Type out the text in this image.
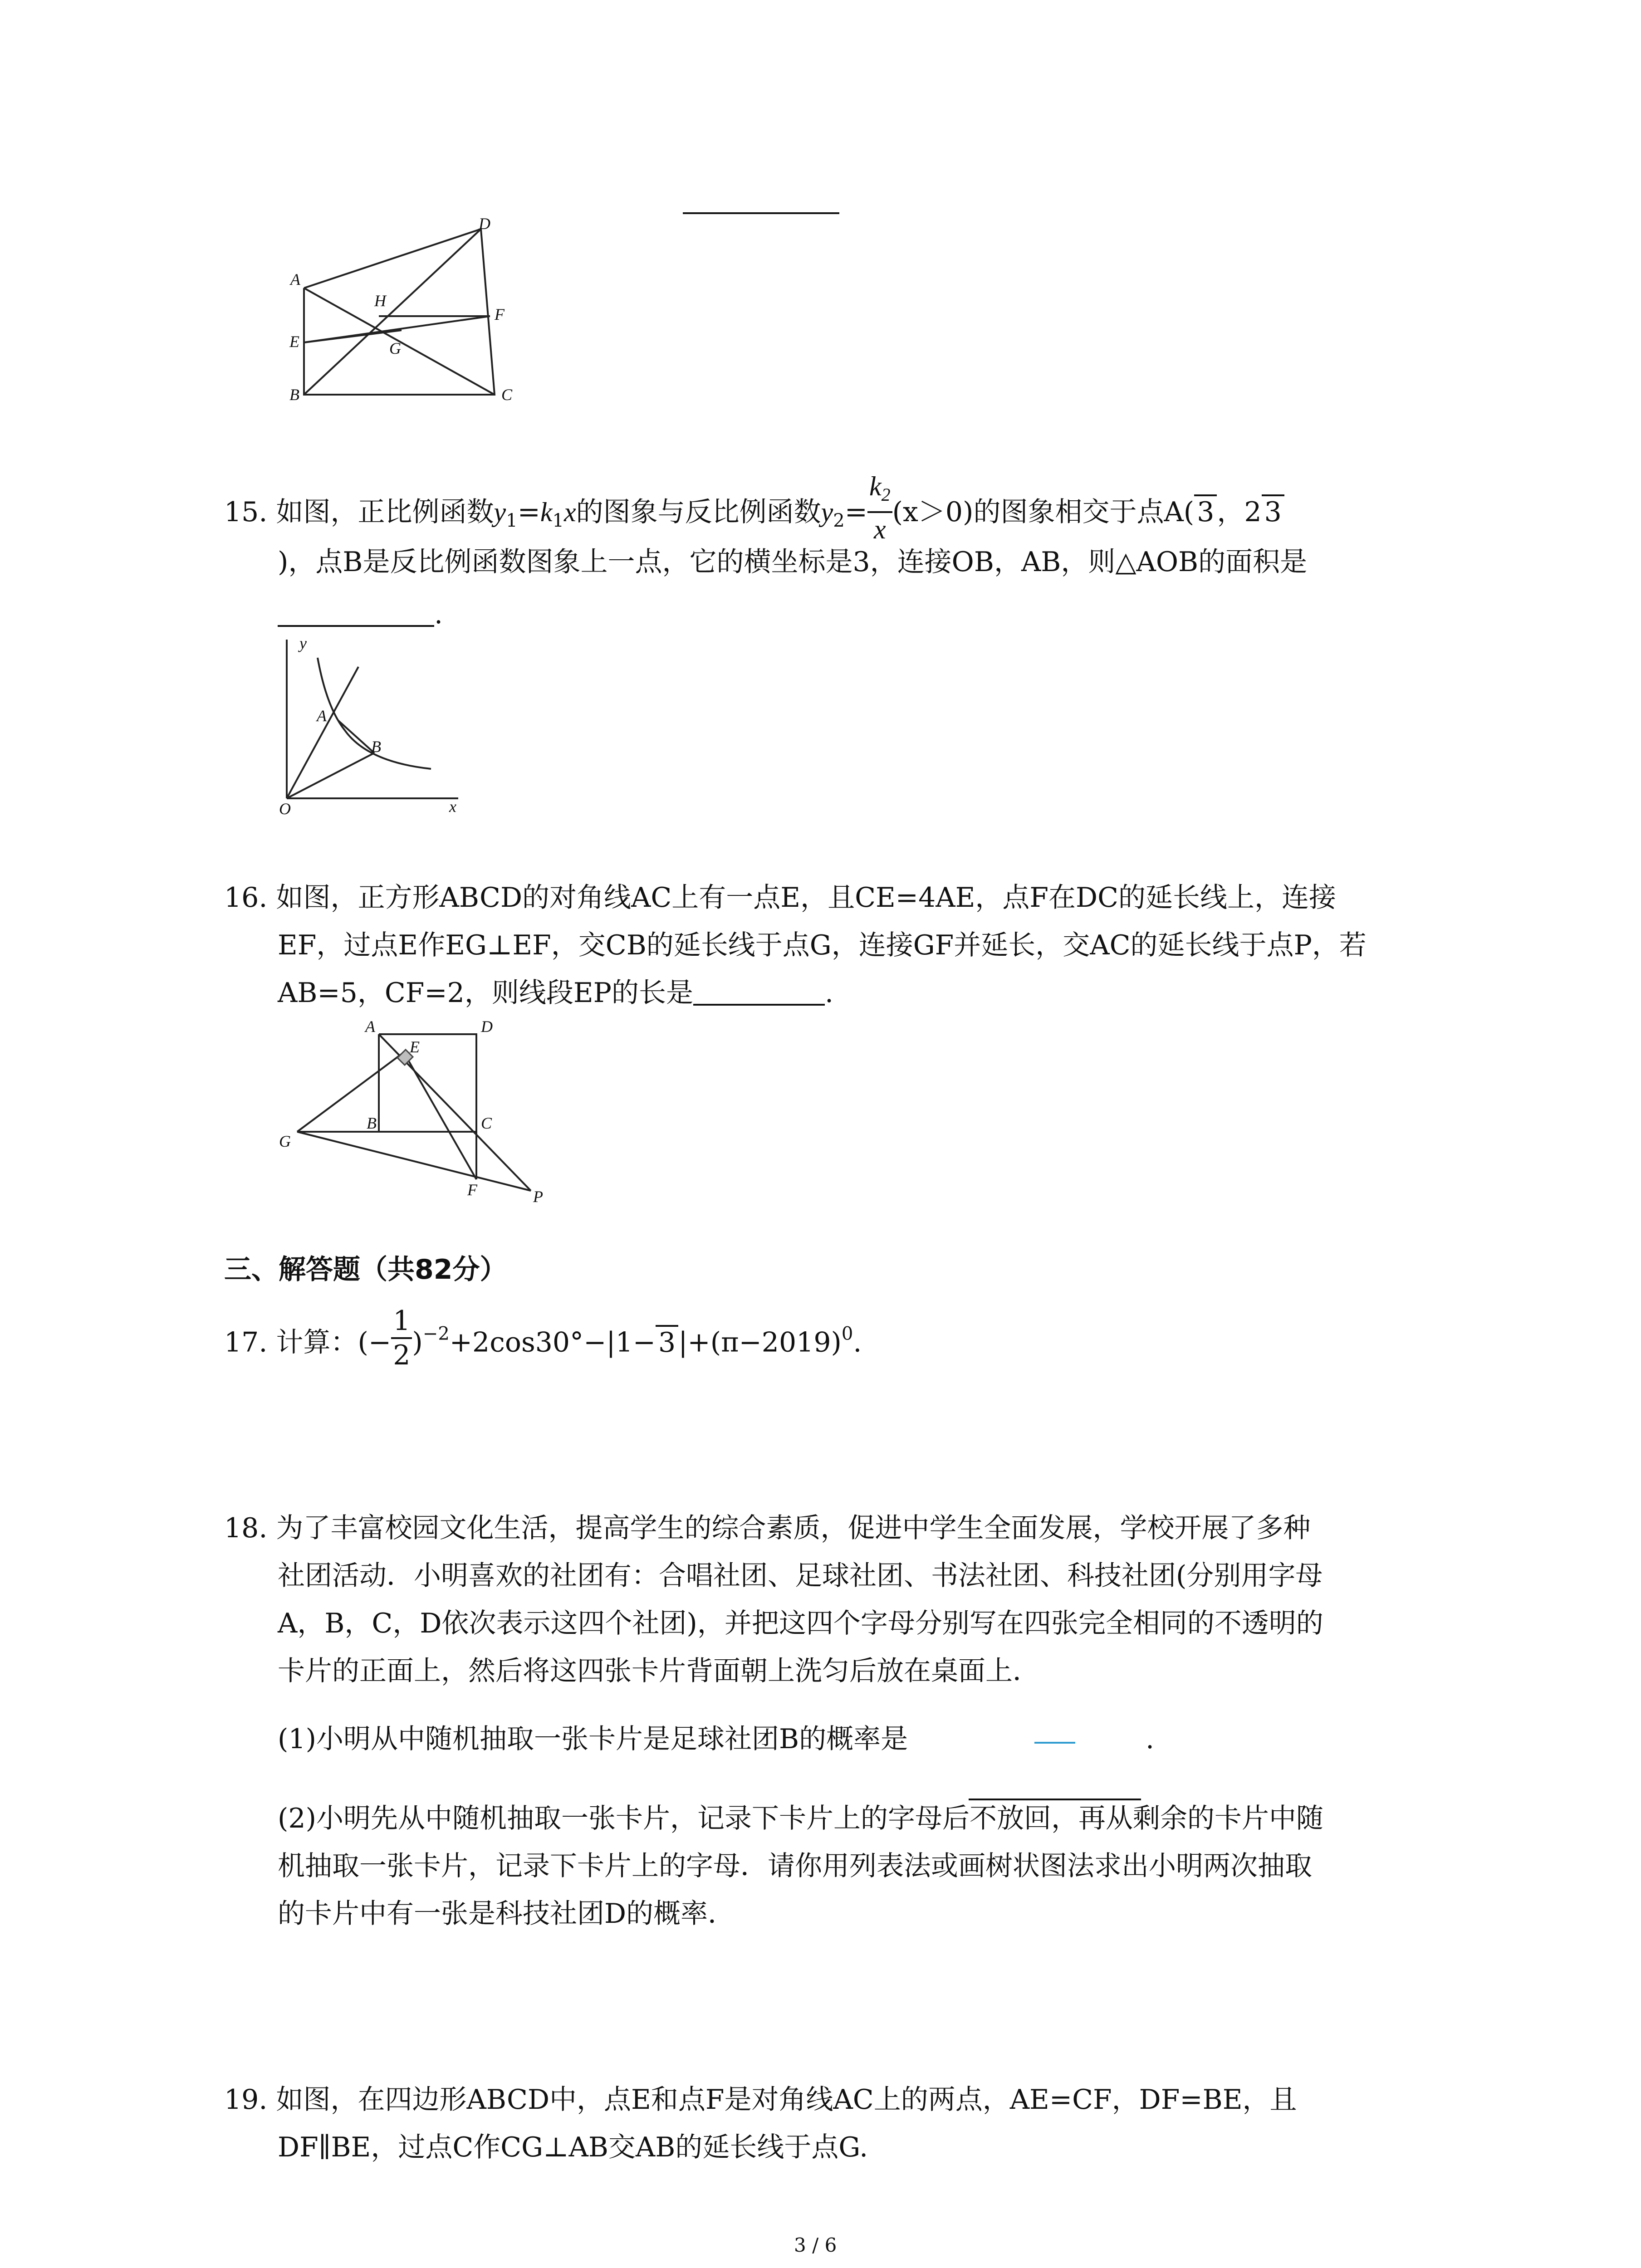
A
E
B	C
D
F
G
H
15. 如图，正比例函数$y_1=k_1x$的图象与反比例函数$y_2= \frac{k_2}{x} (x>0)$的图象相交于点A( 3 ，2 3
)，点B是反比例函数图象上一点，它的横坐标是3，连接OB，AB，则△AOB的面积是
.
y
x
O
A
B
16. 如图，正方形ABCD的对角线AC上有一点E，且CE=4AE，点F在DC的延长线上，连接
EF，过点E作EG⊥EF，交CB的延长线于点G，连接GF并延长，交AC的延长线于点P，若
AB=5，CF=2，则线段EP的长是	.
A	D
B	C
E
G
F	P
三、解答题（共82分）
17. 计算：(− $\frac{1}{2} )^{-2}+2\cos 30^\circ-|1- 3$ $|+(\pi-2019)^0$.
18. 为了丰富校园文化生活，提高学生的综合素质，促进中学生全面发展，学校开展了多种
社团活动．小明喜欢的社团有：合唱社团、足球社团、书法社团、科技社团(分别用字母
A，B，C，D依次表示这四个社团)，并把这四个字母分别写在四张完全相同的不透明的
卡片的正面上，然后将这四张卡片背面朝上洗匀后放在桌面上．
(1)小明从中随机抽取一张卡片是足球社团B的概率是	.
(2)小明先从中随机抽取一张卡片，记录下卡片上的字母后不放回，再从剩余的卡片中随
机抽取一张卡片，记录下卡片上的字母．请你用列表法或画树状图法求出小明两次抽取
的卡片中有一张是科技社团D的概率．
19. 如图，在四边形ABCD中，点E和点F是对角线AC上的两点，AE=CF，DF=BE，且
DF∥BE，过点C作CG⊥AB交AB的延长线于点G.
3 / 6
